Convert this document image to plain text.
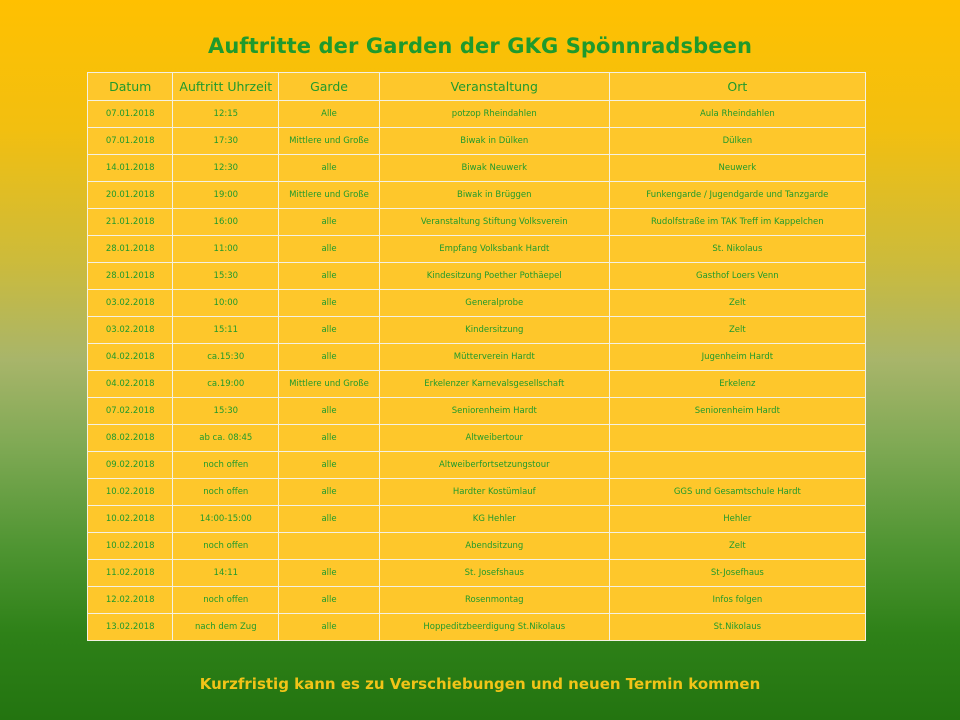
Auftritte der Garden der GKG Spönnradsbeen
Datum	Auftritt Uhrzeit	Garde	Veranstaltung	Ort
07.01.2018	12:15	Alle	potzop Rheindahlen	Aula Rheindahlen
07.01.2018	17:30	Mittlere und Große	Biwak in Dülken	Dülken
14.01.2018	12:30	alle	Biwak Neuwerk	Neuwerk
20.01.2018	19:00	Mittlere und Große	Biwak in Brüggen	Funkengarde / Jugendgarde und Tanzgarde
21.01.2018	16:00	alle	Veranstaltung Stiftung Volksverein	Rudolfstraße im TAK Treff im Kappelchen
28.01.2018	11:00	alle	Empfang Volksbank Hardt	St. Nikolaus
28.01.2018	15:30	alle	Kindesitzung Poether Pothäepel	Gasthof Loers Venn
03.02.2018	10:00	alle	Generalprobe	Zelt
03.02.2018	15:11	alle	Kindersitzung	Zelt
04.02.2018	ca.15:30	alle	Mütterverein Hardt	Jugenheim Hardt
04.02.2018	ca.19:00	Mittlere und Große	Erkelenzer Karnevalsgesellschaft	Erkelenz
07.02.2018	15:30	alle	Seniorenheim Hardt	Seniorenheim Hardt
08.02.2018	ab ca. 08:45	alle	Altweibertour	
09.02.2018	noch offen	alle	Altweiberfortsetzungstour	
10.02.2018	noch offen	alle	Hardter Kostümlauf	GGS und Gesamtschule Hardt
10.02.2018	14:00-15:00	alle	KG Hehler	Hehler
10.02.2018	noch offen		Abendsitzung	Zelt
11.02.2018	14:11	alle	St. Josefshaus	St-Josefhaus
12.02.2018	noch offen	alle	Rosenmontag	Infos folgen
13.02.2018	nach dem Zug	alle	Hoppeditzbeerdigung St.Nikolaus	St.Nikolaus
Kurzfristig kann es zu Verschiebungen und neuen Termin kommen
